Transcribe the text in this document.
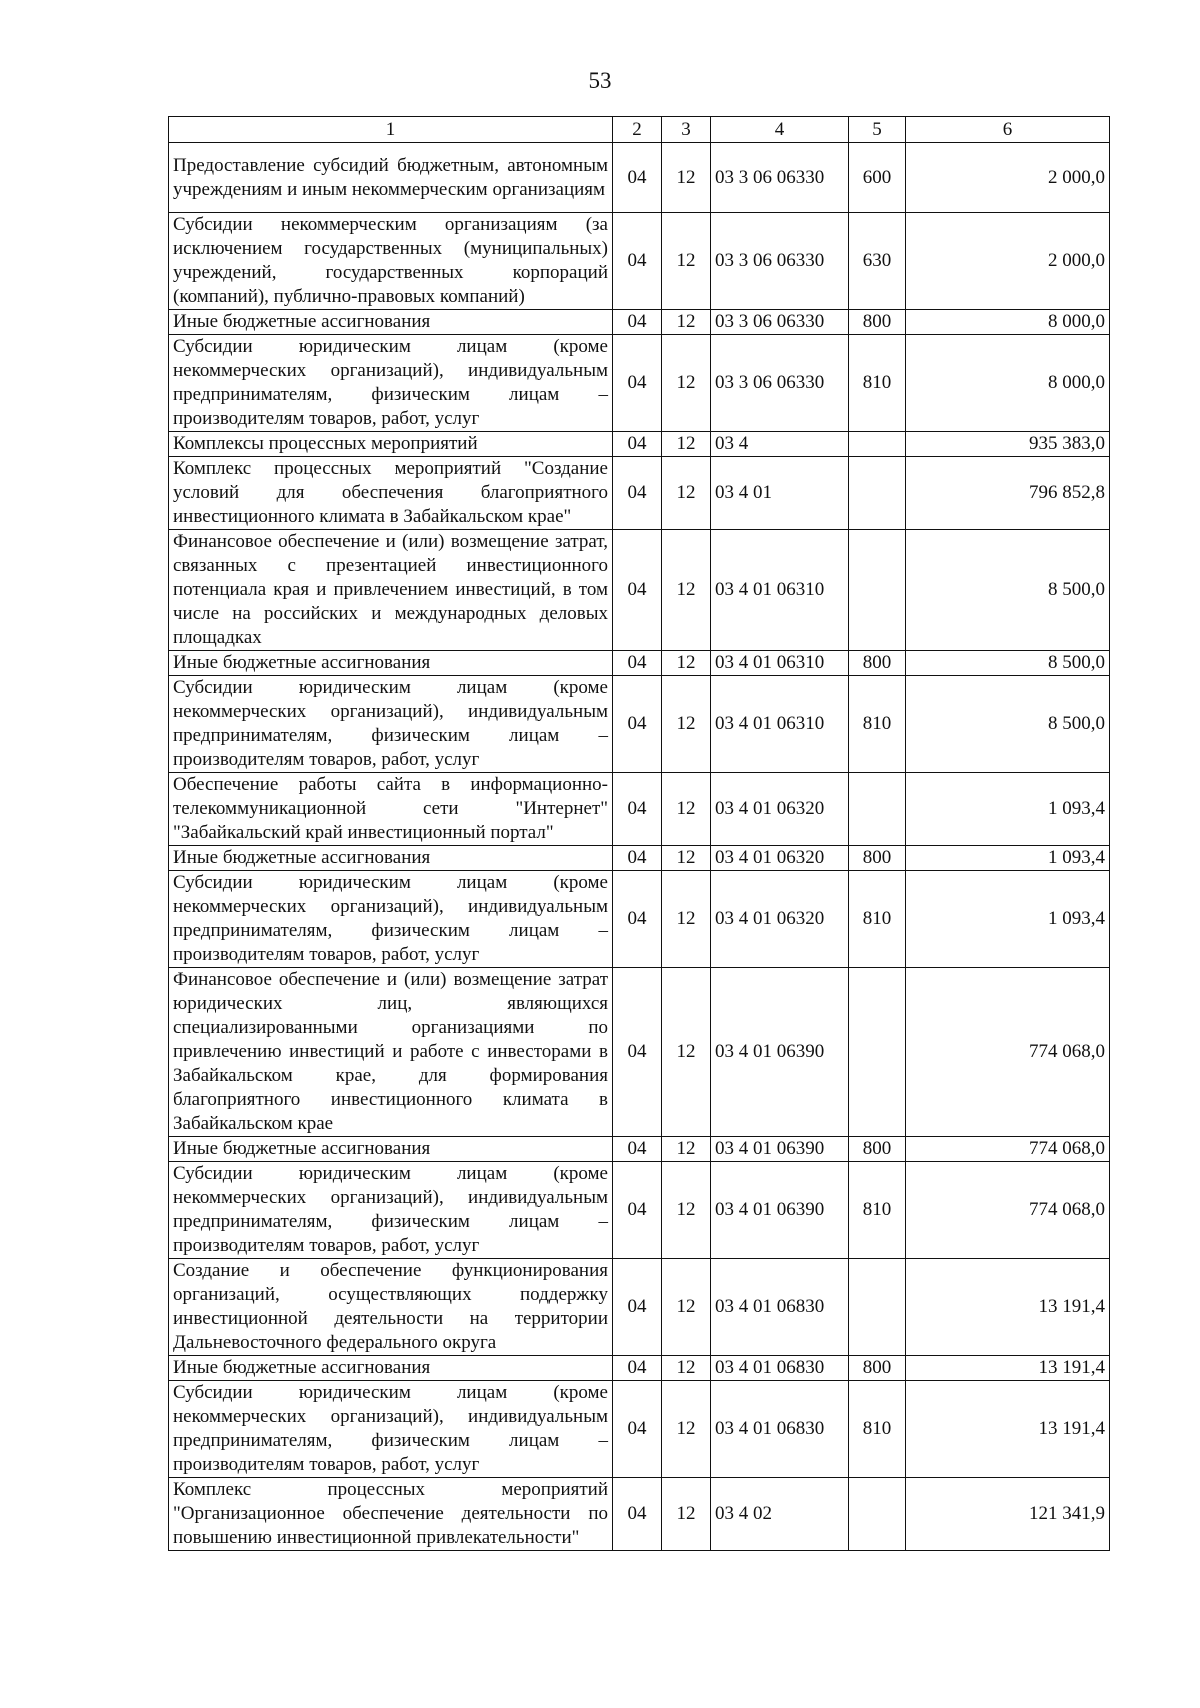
53
1	2	3	4	5	6
Предоставление субсидий бюджетным, автономным учреждениям и иным некоммерческим организациям	04	12	03 3 06 06330	600	2 000,0
Субсидии некоммерческим организациям (за исключением государственных (муниципальных) учреждений, государственных корпораций (компаний), публично-правовых компаний)	04	12	03 3 06 06330	630	2 000,0
Иные бюджетные ассигнования	04	12	03 3 06 06330	800	8 000,0
Субсидии юридическим лицам (кроме некоммерческих организаций), индивидуальным предпринимателям, физическим лицам – производителям товаров, работ, услуг	04	12	03 3 06 06330	810	8 000,0
Комплексы процессных мероприятий	04	12	03 4		935 383,0
Комплекс процессных мероприятий "Создание условий для обеспечения благоприятного инвестиционного климата в Забайкальском крае"	04	12	03 4 01		796 852,8
Финансовое обеспечение и (или) возмещение затрат, связанных с презентацией инвестиционного потенциала края и привлечением инвестиций, в том числе на российских и международных деловых площадках	04	12	03 4 01 06310		8 500,0
Иные бюджетные ассигнования	04	12	03 4 01 06310	800	8 500,0
Субсидии юридическим лицам (кроме некоммерческих организаций), индивидуальным предпринимателям, физическим лицам – производителям товаров, работ, услуг	04	12	03 4 01 06310	810	8 500,0
Обеспечение работы сайта в информационно-телекоммуникационной сети "Интернет" "Забайкальский край инвестиционный портал"	04	12	03 4 01 06320		1 093,4
Иные бюджетные ассигнования	04	12	03 4 01 06320	800	1 093,4
Субсидии юридическим лицам (кроме некоммерческих организаций), индивидуальным предпринимателям, физическим лицам – производителям товаров, работ, услуг	04	12	03 4 01 06320	810	1 093,4
Финансовое обеспечение и (или) возмещение затрат юридических лиц, являющихся специализированными организациями по привлечению инвестиций и работе с инвесторами в Забайкальском крае, для формирования благоприятного инвестиционного климата в Забайкальском крае	04	12	03 4 01 06390		774 068,0
Иные бюджетные ассигнования	04	12	03 4 01 06390	800	774 068,0
Субсидии юридическим лицам (кроме некоммерческих организаций), индивидуальным предпринимателям, физическим лицам – производителям товаров, работ, услуг	04	12	03 4 01 06390	810	774 068,0
Создание и обеспечение функционирования организаций, осуществляющих поддержку инвестиционной деятельности на территории Дальневосточного федерального округа	04	12	03 4 01 06830		13 191,4
Иные бюджетные ассигнования	04	12	03 4 01 06830	800	13 191,4
Субсидии юридическим лицам (кроме некоммерческих организаций), индивидуальным предпринимателям, физическим лицам – производителям товаров, работ, услуг	04	12	03 4 01 06830	810	13 191,4
Комплекс процессных мероприятий "Организационное обеспечение деятельности по повышению инвестиционной привлекательности"	04	12	03 4 02		121 341,9
